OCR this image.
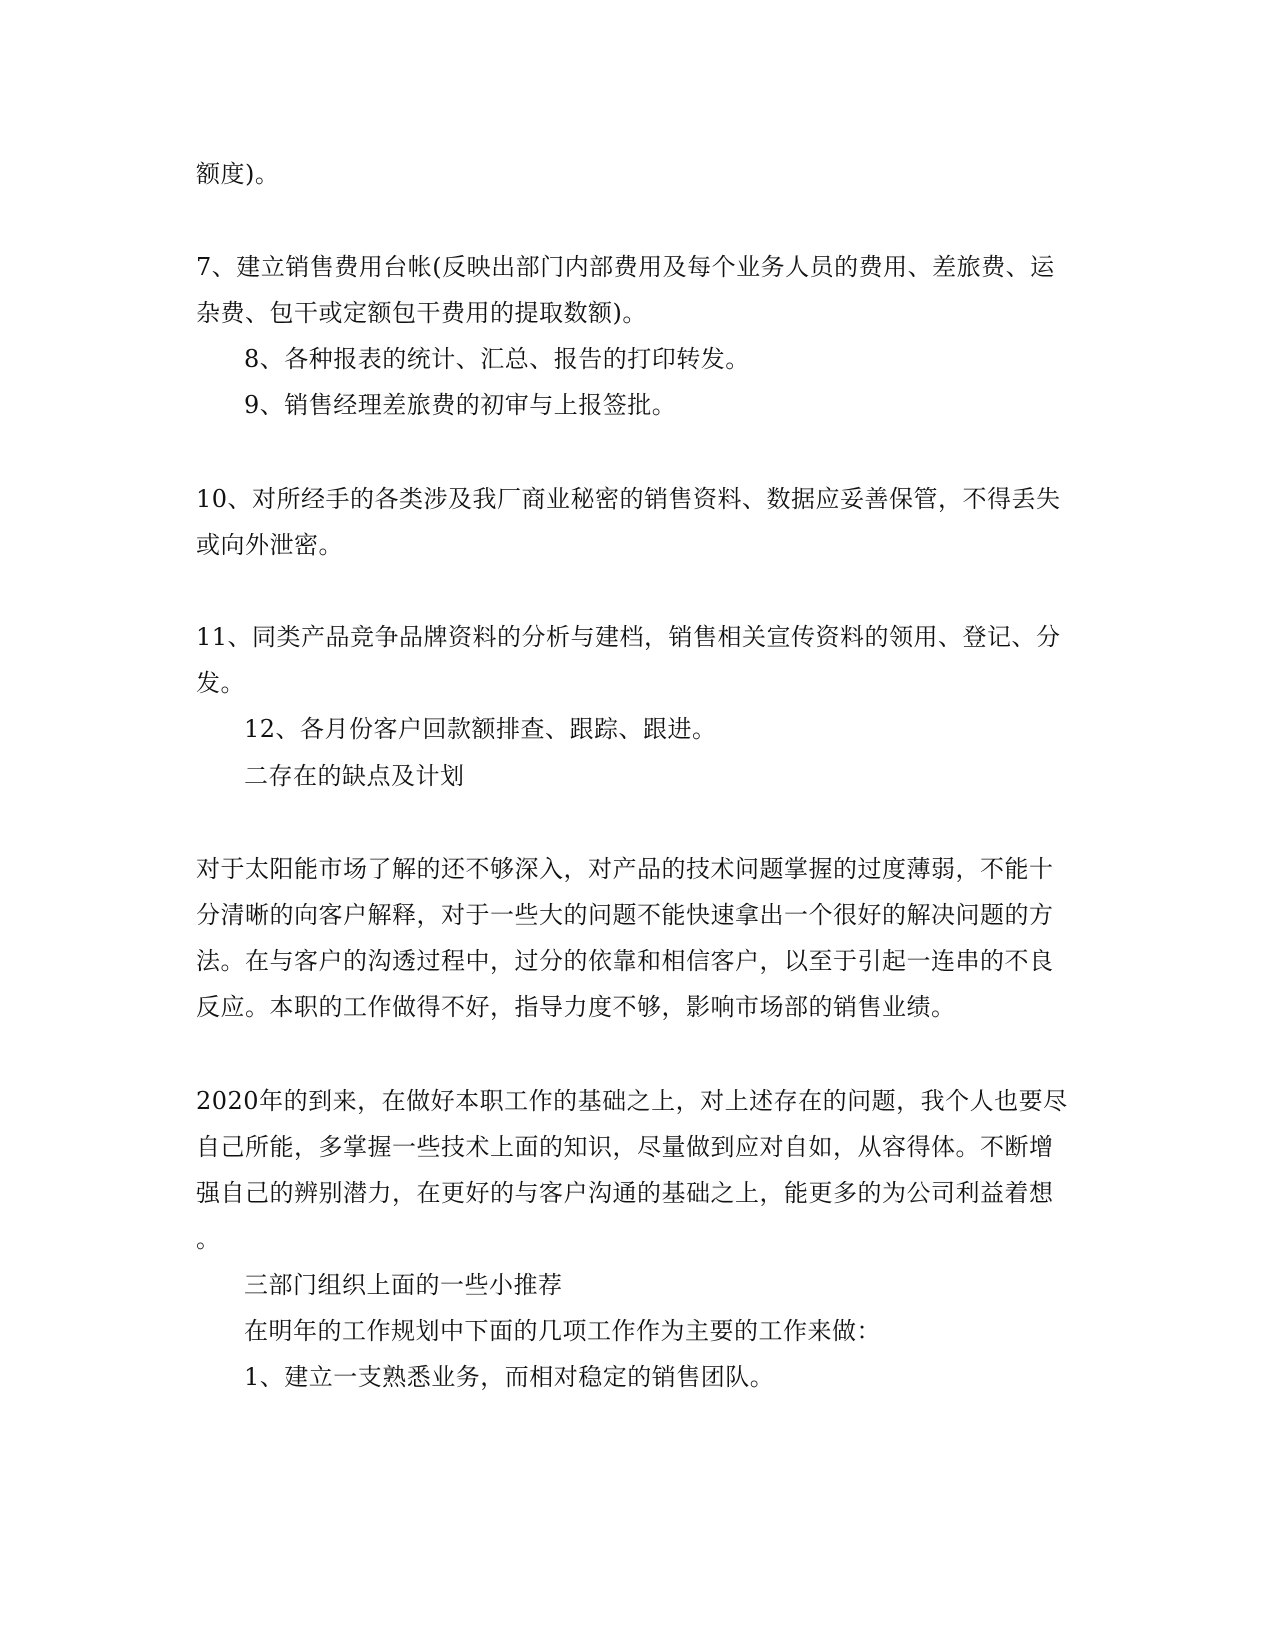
额度)。
7、建立销售费用台帐(反映出部门内部费用及每个业务人员的费用、差旅费、运
杂费、包干或定额包干费用的提取数额)。
8、各种报表的统计、汇总、报告的打印转发。
9、销售经理差旅费的初审与上报签批。
10、对所经手的各类涉及我厂商业秘密的销售资料、数据应妥善保管，不得丢失
或向外泄密。
11、同类产品竞争品牌资料的分析与建档，销售相关宣传资料的领用、登记、分
发。
12、各月份客户回款额排查、跟踪、跟进。
二存在的缺点及计划
对于太阳能市场了解的还不够深入，对产品的技术问题掌握的过度薄弱，不能十
分清晰的向客户解释，对于一些大的问题不能快速拿出一个很好的解决问题的方
法。在与客户的沟透过程中，过分的依靠和相信客户，以至于引起一连串的不良
反应。本职的工作做得不好，指导力度不够，影响市场部的销售业绩。
2020年的到来，在做好本职工作的基础之上，对上述存在的问题，我个人也要尽
自己所能，多掌握一些技术上面的知识，尽量做到应对自如，从容得体。不断增
强自己的辨别潜力，在更好的与客户沟通的基础之上，能更多的为公司利益着想
。
三部门组织上面的一些小推荐
在明年的工作规划中下面的几项工作作为主要的工作来做：
1、建立一支熟悉业务，而相对稳定的销售团队。
